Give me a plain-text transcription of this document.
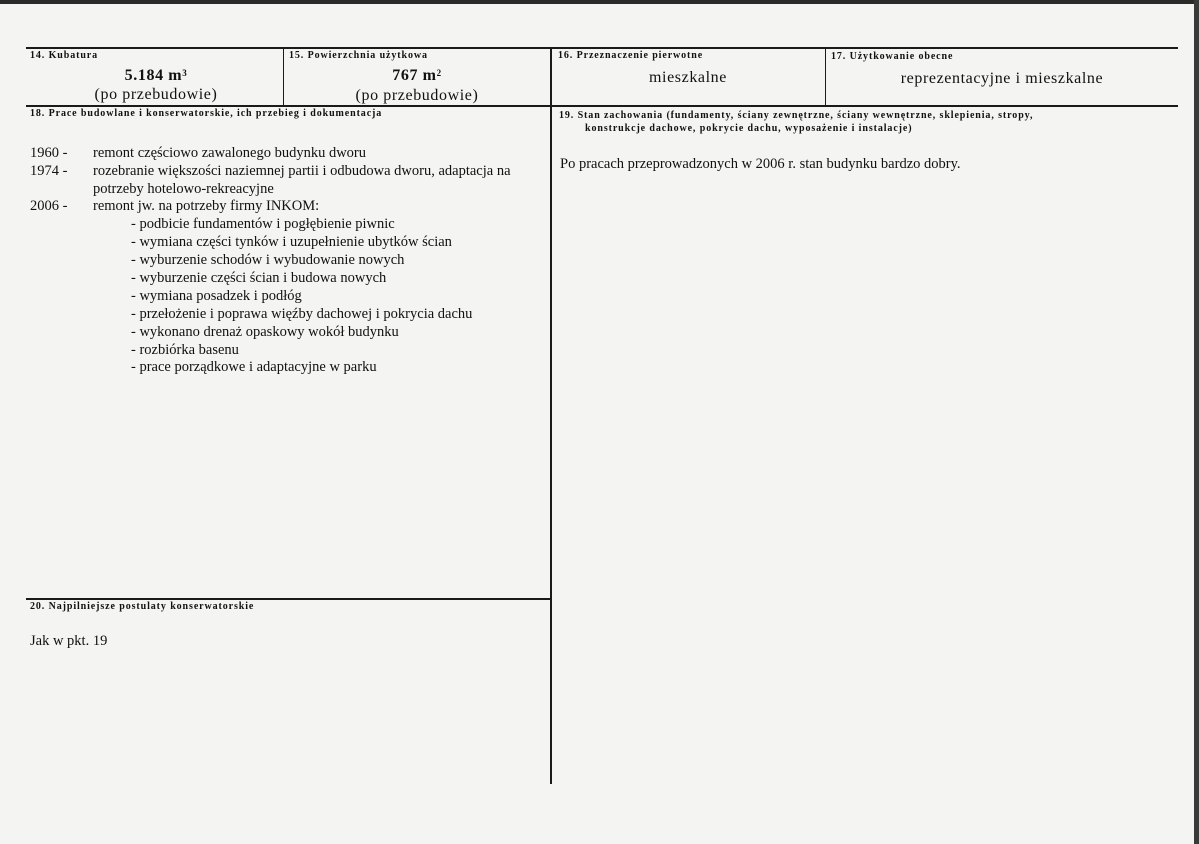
14. Kubatura
5.184 $m^3$
(po przebudowie)
15. Powierzchnia użytkowa
767 $m^2$
(po przebudowie)
16. Przeznaczenie pierwotne
mieszkalne
17. Użytkowanie obecne
reprezentacyjne i mieszkalne
18. Prace budowlane i konserwatorskie, ich przebieg i dokumentacja
1960 - remont częściowo zawalonego budynku dworu
1974 - rozebranie większości naziemnej partii i odbudowa dworu, adaptacja na
potrzeby hotelowo-rekreacyjne
2006 - remont jw. na potrzeby firmy INKOM:
- podbicie fundamentów i pogłębienie piwnic
- wymiana części tynków i uzupełnienie ubytków ścian
- wyburzenie schodów i wybudowanie nowych
- wyburzenie części ścian i budowa nowych
- wymiana posadzek i podłóg
- przełożenie i poprawa więźby dachowej i pokrycia dachu
- wykonano drenaż opaskowy wokół budynku
- rozbiórka basenu
- prace porządkowe i adaptacyjne w parku
19. Stan zachowania (fundamenty, ściany zewnętrzne, ściany wewnętrzne, sklepienia, stropy,
konstrukcje dachowe, pokrycie dachu, wyposażenie i instalacje)
Po pracach przeprowadzonych w 2006 r. stan budynku bardzo dobry.
20. Najpilniejsze postulaty konserwatorskie
Jak w pkt. 19
